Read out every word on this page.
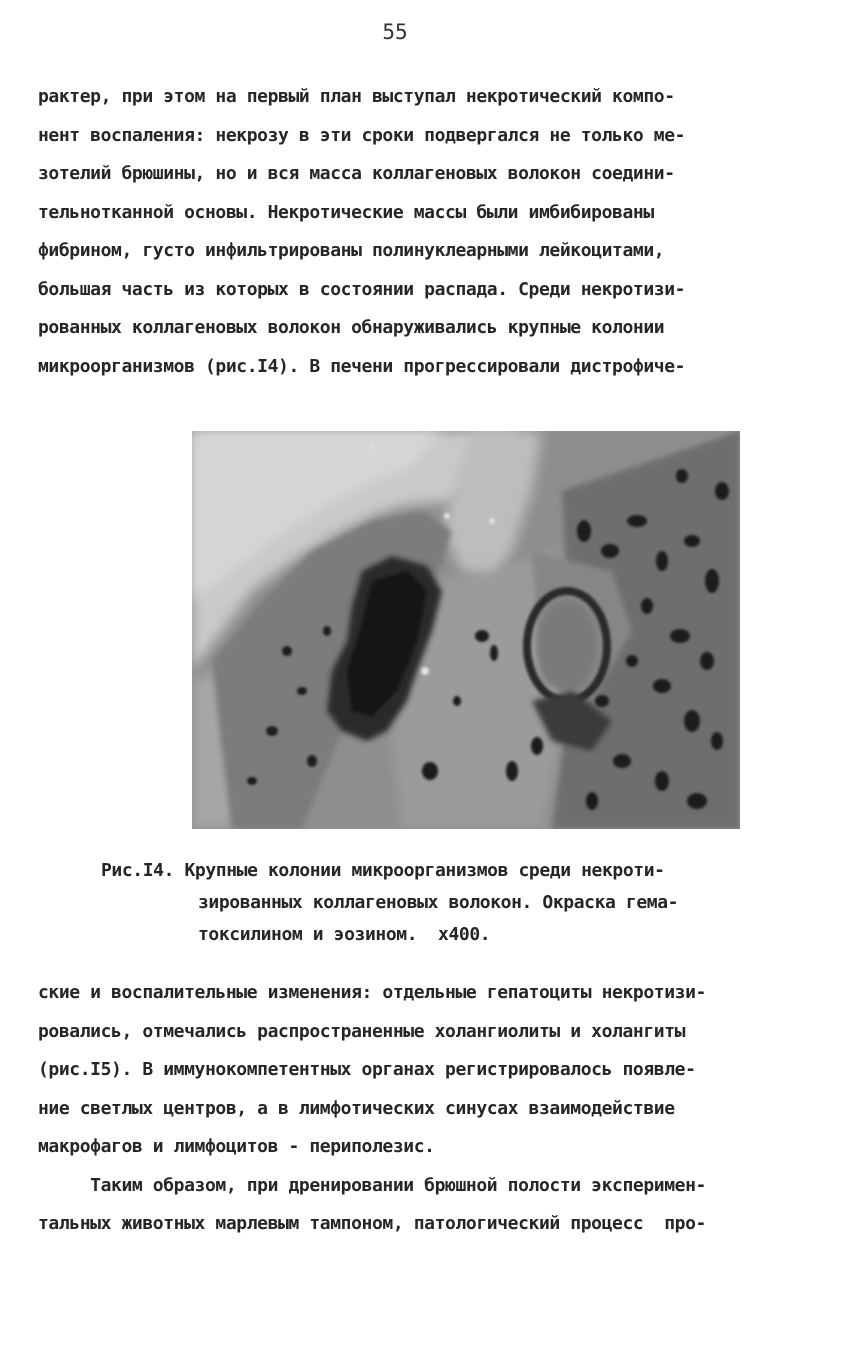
55
рактер, при этом на первый план выступал некротический компо-
нент воспаления: некрозу в эти сроки подвергался не только ме-
зотелий брюшины, но и вся масса коллагеновых волокон соедини-
тельнотканной основы. Некротические массы были имбибированы
фибрином, густо инфильтрированы полинуклеарными лейкоцитами,
большая часть из которых в состоянии распада. Среди некротизи-
рованных коллагеновых волокон обнаруживались крупные колонии
микроорганизмов (рис.I4). В печени прогрессировали дистрофиче-
Рис.I4. Крупные колонии микроорганизмов среди некроти-
зированных коллагеновых волокон. Окраска гема-
токсилином и эозином.  x400.
ские и воспалительные изменения: отдельные гепатоциты некротизи-
ровались, отмечались распространенные холангиолиты и холангиты
(рис.I5). В иммунокомпетентных органах регистрировалось появле-
ние светлых центров, а в лимфотических синусах взаимодействие
макрофагов и лимфоцитов - периполезис.
Таким образом, при дренировании брюшной полости эксперимен-
тальных животных марлевым тампоном, патологический процесс  про-
